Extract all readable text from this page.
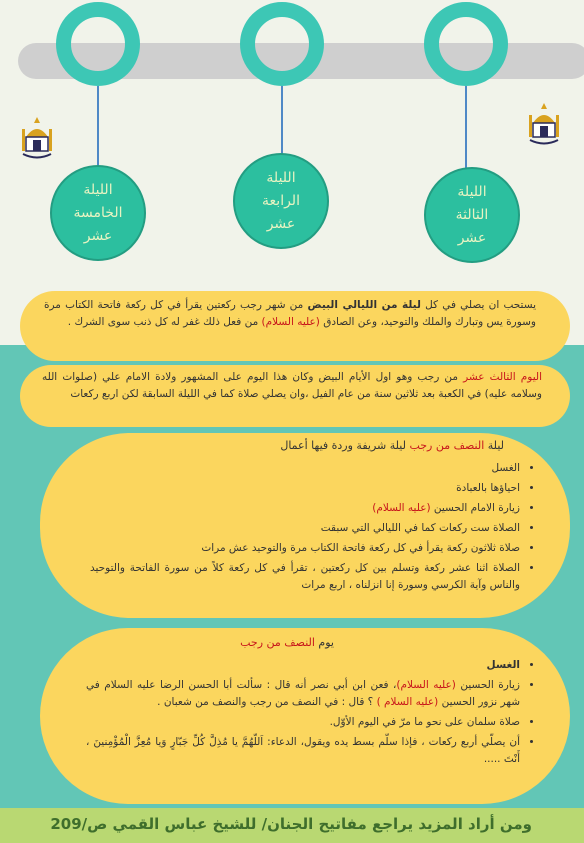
الليلة
الخامسة
عشر
الليلة
الرابعة
عشر
الليلة
الثالثة
عشر
يستحب ان يصلي في كل ليلة من الليالي البيض من شهر رجب ركعتين يقرأ في كل ركعة فاتحة الكتاب مرة وسورة يس وتبارك والملك والتوحيد، وعن الصادق (عليه السلام) من فعل ذلك غفر له كل ذنب سوى الشرك .
اليوم الثالث عشر من رجب وهو اول الأيام البيض وكان هذا اليوم على المشهور ولادة الامام علي (صلوات الله وسلامه عليه) في الكعبة بعد ثلاثين سنة من عام الفيل ،وان يصلي صلاة كما في الليلة السابقة لكن اربع ركعات
ليلة النصف من رجب ليلة شريفة وردة فيها أعمال
• الغسل
• احياؤها بالعبادة
• زيارة الامام الحسين (عليه السلام)
• الصلاة ست ركعات كما في الليالي التي سبقت
• صلاة ثلاثون ركعة يقرأ في كل ركعة فاتحة الكتاب مرة والتوحيد عش مرات
• الصلاة اثنا عشر ركعة وتسلم بين كل ركعتين ، تقرأ في كل ركعة كلاً من سورة الفاتحة والتوحيد والناس وآية الكرسي وسورة إنا انزلناه ، اربع مرات
يوم النصف من رجب
• الغسل
• زيارة الحسين (عليه السلام)، فعن ابن أبي نصر أنه قال : سألت أبا الحسن الرضا عليه السلام في شهر نزور الحسين (عليه السلام ) ؟ قال : في النصف من رجب والنصف من شعبان .
• صلاة سلمان على نحو ما مرّ في اليوم الأوّل.
• أن يصلّي أربع ركعات ، فإذا سلّم بسط يده ويقول، الدعاء: اَللّهُمَّ يا مُذِلَّ كُلِّ جَبّارٍ وَيا مُعِزَّ الْمُؤْمِنينَ ، أَنْتَ .....
ومن أراد المزيد يراجع مفاتيح الجنان/ للشيخ عباس القمي ص/209
